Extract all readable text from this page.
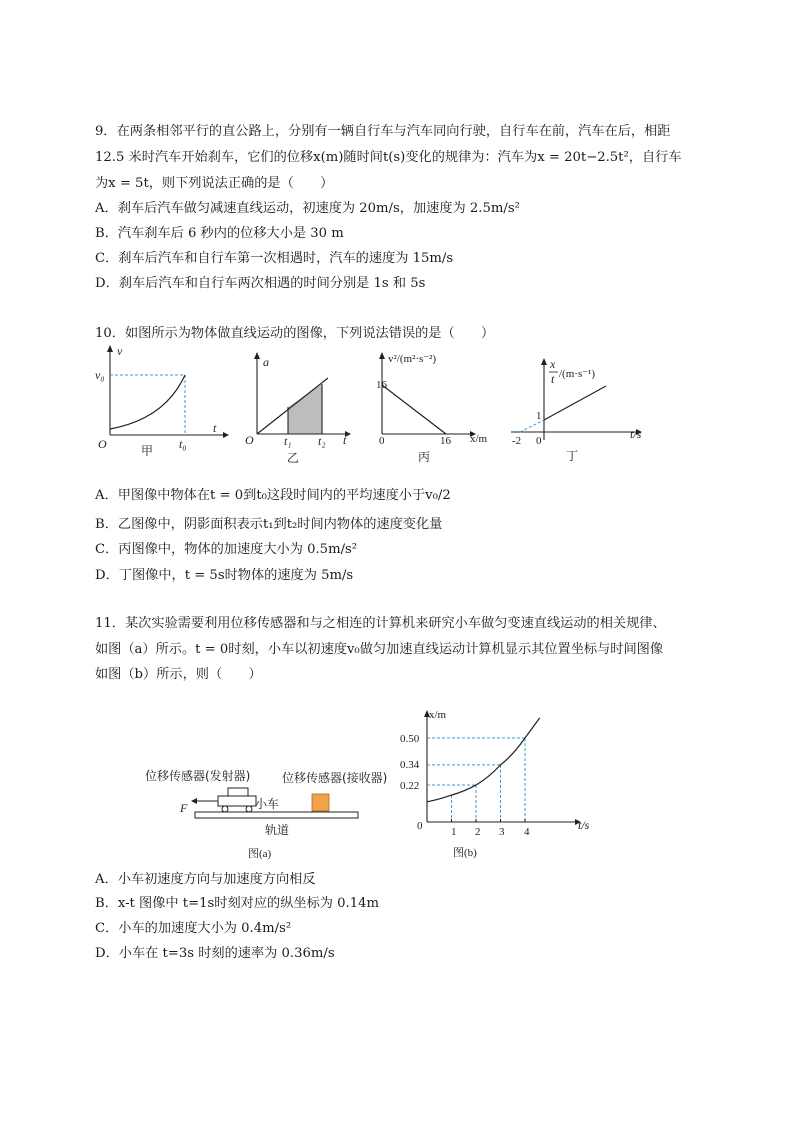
9．在两条相邻平行的直公路上，分别有一辆自行车与汽车同向行驶，自行车在前，汽车在后，相距
12.5 米时汽车开始刹车，它们的位移x(m)随时间t(s)变化的规律为：汽车为x = 20t−2.5t²，自行车
为x = 5t，则下列说法正确的是（　　）
A．刹车后汽车做匀减速直线运动，初速度为 20m/s，加速度为 2.5m/s²
B．汽车刹车后 6 秒内的位移大小是 30 m
C．刹车后汽车和自行车第一次相遇时，汽车的速度为 15m/s
D．刹车后汽车和自行车两次相遇的时间分别是 1s 和 5s
10．如图所示为物体做直线运动的图像，下列说法错误的是（　　）
v
t
O
v₀
t₀
甲
a
t
O	t₁ t₂
乙
v²/(m²·s⁻²)
x/m
0
16
16
丙
x
t /(m·s⁻¹)
t/s
0
1
-2
丁
A．甲图像中物体在t = 0到t₀这段时间内的平均速度小于v₀/2
B．乙图像中，阴影面积表示t₁到t₂时间内物体的速度变化量
C．丙图像中，物体的加速度大小为 0.5m/s²
D．丁图像中，t = 5s时物体的速度为 5m/s
11．某次实验需要利用位移传感器和与之相连的计算机来研究小车做匀变速直线运动的相关规律、
如图（a）所示。t = 0时刻，小车以初速度v₀做匀加速直线运动计算机显示其位置坐标与时间图像
如图（b）所示，则（　　）
位移传感器(发射器)	位移传感器(接收器)
小车
F
轨道
图(a)
x/m
t/s
0
0.50
0.34
0.22
1 2 3 4
图(b)
A．小车初速度方向与加速度方向相反
B．x-t 图像中 t=1s时刻对应的纵坐标为 0.14m
C．小车的加速度大小为 0.4m/s²
D．小车在 t=3s 时刻的速率为 0.36m/s
